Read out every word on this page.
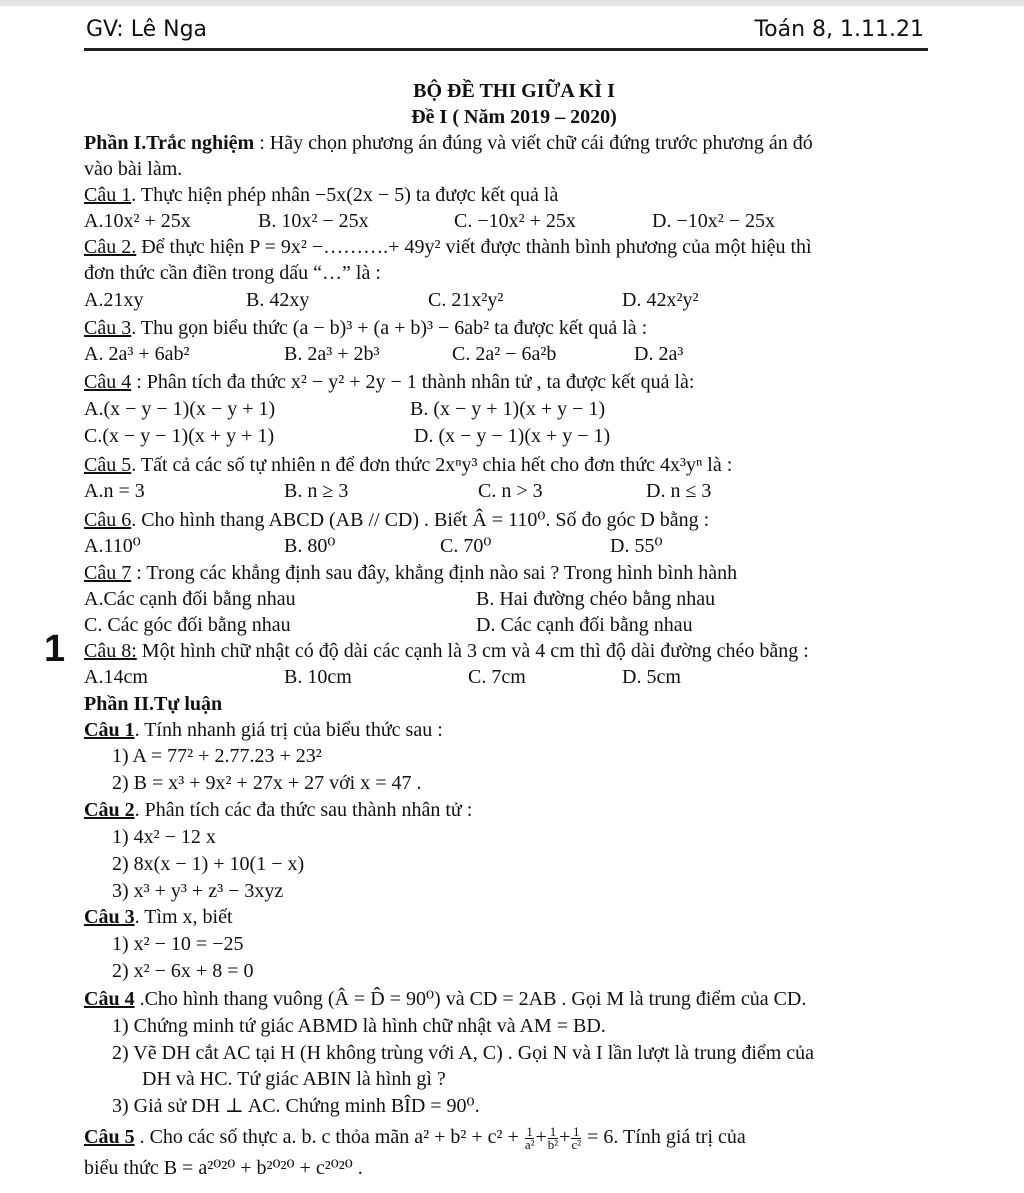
GV: Lê Nga	Toán 8, 1.11.21
BỘ ĐỀ THI GIỮA KÌ I
Đề I ( Năm 2019 – 2020)
Phần I.Trắc nghiệm : Hãy chọn phương án đúng và viết chữ cái đứng trước phương án đó
vào bài làm.
Câu 1. Thực hiện phép nhân −5x(2x − 5) ta được kết quả là
A.10x² + 25x	B. 10x² − 25x	C. −10x² + 25x	D. −10x² − 25x
Câu 2. Để thực hiện P = 9x² −……….+ 49y² viết được thành bình phương của một hiệu thì
đơn thức cần điền trong dấu “…” là :
A.21xy	B. 42xy	C. 21x²y²	D. 42x²y²
Câu 3. Thu gọn biểu thức (a − b)³ + (a + b)³ − 6ab² ta được kết quả là :
A. 2a³ + 6ab²	B. 2a³ + 2b³	C. 2a² − 6a²b	D. 2a³
Câu 4 : Phân tích đa thức x² − y² + 2y − 1 thành nhân tử , ta được kết quả là:
A.(x − y − 1)(x − y + 1)	B. (x − y + 1)(x + y − 1)
C.(x − y − 1)(x + y + 1)	D. (x − y − 1)(x + y − 1)
Câu 5. Tất cả các số tự nhiên n để đơn thức 2xⁿy³ chia hết cho đơn thức 4x³yⁿ là :
A.n = 3	B. n ≥ 3	C. n > 3	D. n ≤ 3
Câu 6. Cho hình thang ABCD (AB // CD) . Biết Â = 110⁰. Số đo góc D bằng :
A.110⁰	B. 80⁰	C. 70⁰	D. 55⁰
Câu 7 : Trong các khẳng định sau đây, khẳng định nào sai ? Trong hình bình hành
A.Các cạnh đối bằng nhau	B. Hai đường chéo bằng nhau
C. Các góc đối bằng nhau	D. Các cạnh đối bằng nhau
1 Câu 8: Một hình chữ nhật có độ dài các cạnh là 3 cm và 4 cm thì độ dài đường chéo bằng :
A.14cm	B. 10cm	C. 7cm	D. 5cm
Phần II.Tự luận
Câu 1. Tính nhanh giá trị của biểu thức sau :
1) A = 77² + 2.77.23 + 23²
2) B = x³ + 9x² + 27x + 27 với x = 47 .
Câu 2. Phân tích các đa thức sau thành nhân tử :
1) 4x² − 12 x
2) 8x(x − 1) + 10(1 − x)
3) x³ + y³ + z³ − 3xyz
Câu 3. Tìm x, biết
1) x² − 10 = −25
2) x² − 6x + 8 = 0
Câu 4 .Cho hình thang vuông (Â = D̂ = 90⁰) và CD = 2AB . Gọi M là trung điểm của CD.
1) Chứng minh tứ giác ABMD là hình chữ nhật và AM = BD.
2) Vẽ DH cắt AC tại H (H không trùng với A, C) . Gọi N và I lần lượt là trung điểm của
DH và HC. Tứ giác ABIN là hình gì ?
3) Giả sử DH ⊥ AC. Chứng minh BÎD = 90⁰.
Câu 5 . Cho các số thực a. b. c thỏa mãn $a^2 + b^2 + c^2 + \frac{1}{\text{a²}} + \frac{1}{\text{b²}} + \frac{1}{\text{c²}} = 6$. Tính giá trị của
biểu thức B = a²⁰²⁰ + b²⁰²⁰ + c²⁰²⁰ .
